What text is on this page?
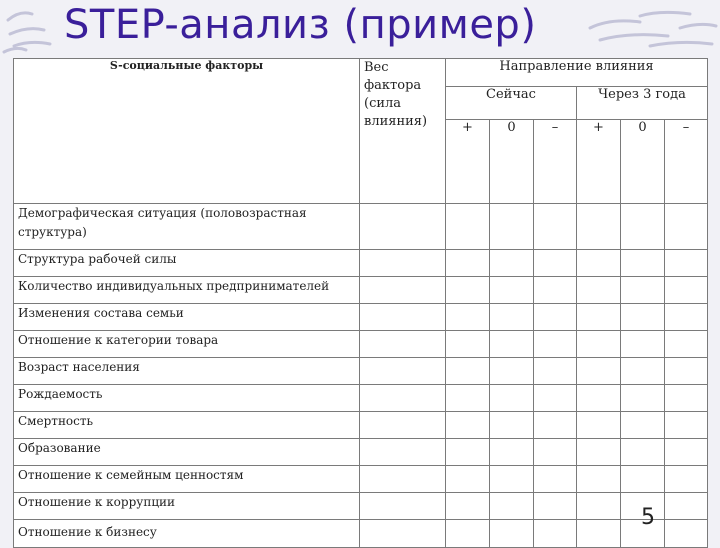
STEP-анализ (пример)
S-социальные факторы	Вес фактора (сила влияния)	Направление влияния					
		Сейчас			Через 3 года		
		+	0	–	+	0	–
Демографическая ситуация (половозрастная структура)							
Структура рабочей силы							
Количество индивидуальных предпринимателей							
Изменения состава семьи							
Отношение к категории товара							
Возраст населения							
Рождаемость							
Смертность							
Образование							
Отношение к семейным ценностям							
Отношение к коррупции							
Отношение к бизнесу							
5
